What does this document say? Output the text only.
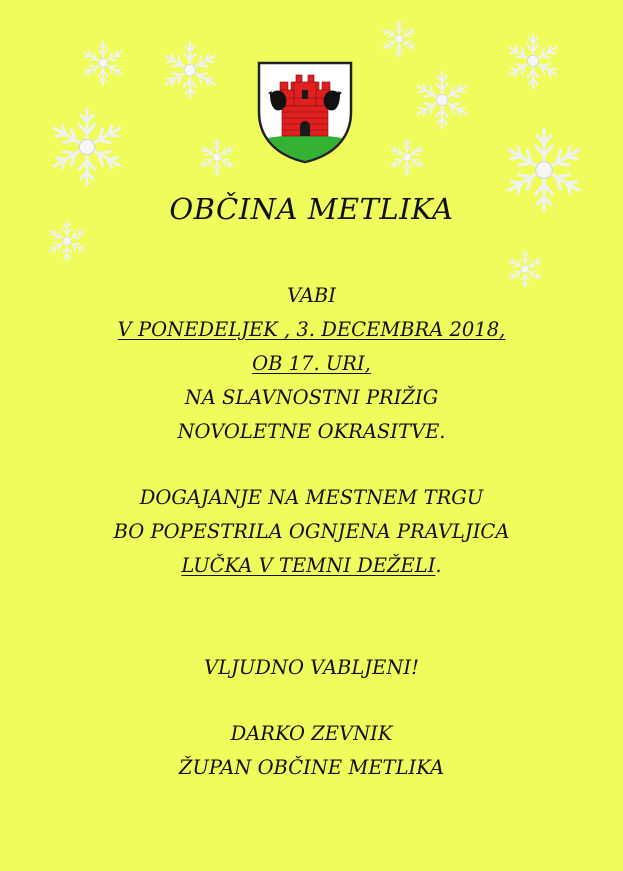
OBČINA METLIKA
VABI
V PONEDELJEK , 3. DECEMBRA 2018,
OB 17. URI,
NA SLAVNOSTNI PRIŽIG
NOVOLETNE OKRASITVE.
DOGAJANJE NA MESTNEM TRGU
BO POPESTRILA OGNJENA PRAVLJICA
LUČKA V TEMNI DEŽELI.
VLJUDNO VABLJENI!
DARKO ZEVNIK
ŽUPAN OBČINE METLIKA
